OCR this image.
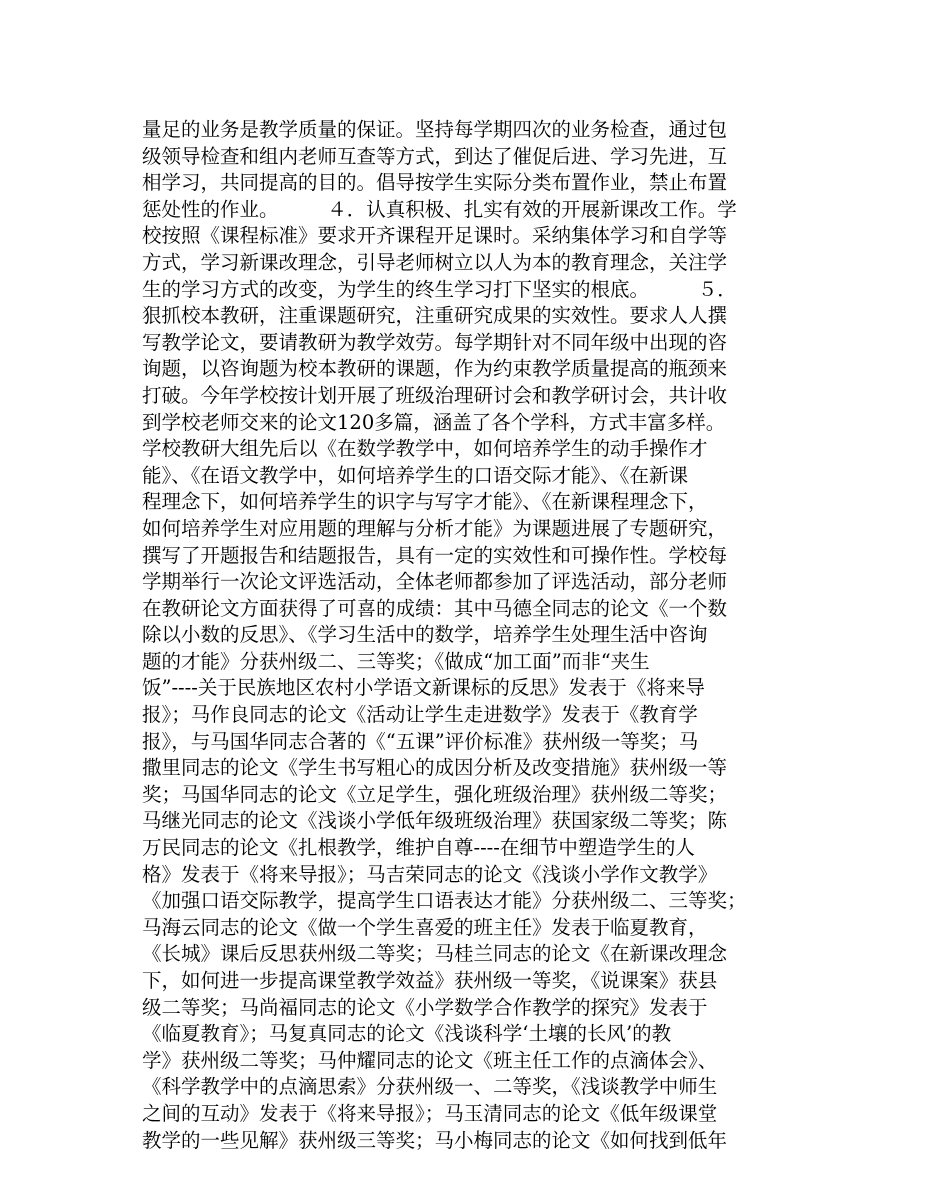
量足的业务是教学质量的保证。坚持每学期四次的业务检查，通过包
级领导检查和组内老师互查等方式，到达了催促后进、学习先进，互
相学习，共同提高的目的。倡导按学生实际分类布置作业，禁止布置
惩处性的作业。　　　４．认真积极、扎实有效的开展新课改工作。学
校按照《课程标准》要求开齐课程开足课时。采纳集体学习和自学等
方式，学习新课改理念，引导老师树立以人为本的教育理念，关注学
生的学习方式的改变，为学生的终生学习打下坚实的根底。　　　５．
狠抓校本教研，注重课题研究，注重研究成果的实效性。要求人人撰
写教学论文，要请教研为教学效劳。每学期针对不同年级中出现的咨
询题，以咨询题为校本教研的课题，作为约束教学质量提高的瓶颈来
打破。今年学校按计划开展了班级治理研讨会和教学研讨会，共计收
到学校老师交来的论文120多篇，涵盖了各个学科，方式丰富多样。
学校教研大组先后以《在数学教学中，如何培养学生的动手操作才
能》、《在语文教学中，如何培养学生的口语交际才能》、《在新课
程理念下，如何培养学生的识字与写字才能》、《在新课程理念下，
如何培养学生对应用题的理解与分析才能》为课题进展了专题研究，
撰写了开题报告和结题报告，具有一定的实效性和可操作性。学校每
学期举行一次论文评选活动，全体老师都参加了评选活动，部分老师
在教研论文方面获得了可喜的成绩：其中马德全同志的论文《一个数
除以小数的反思》、《学习生活中的数学，培养学生处理生活中咨询
题的才能》分获州级二、三等奖；《做成“加工面”而非“夹生
饭”----关于民族地区农村小学语文新课标的反思》发表于《将来导
报》；马作良同志的论文《活动让学生走进数学》发表于《教育学
报》，与马国华同志合著的《“五课”评价标准》获州级一等奖；马
撒里同志的论文《学生书写粗心的成因分析及改变措施》获州级一等
奖；马国华同志的论文《立足学生，强化班级治理》获州级二等奖；
马继光同志的论文《浅谈小学低年级班级治理》获国家级二等奖；陈
万民同志的论文《扎根教学，维护自尊----在细节中塑造学生的人
格》发表于《将来导报》；马吉荣同志的论文《浅谈小学作文教学》
《加强口语交际教学，提高学生口语表达才能》分获州级二、三等奖；
马海云同志的论文《做一个学生喜爱的班主任》发表于临夏教育，
《长城》课后反思获州级二等奖；马桂兰同志的论文《在新课改理念
下，如何进一步提高课堂教学效益》获州级一等奖，《说课案》获县
级二等奖；马尚福同志的论文《小学数学合作教学的探究》发表于
《临夏教育》；马复真同志的论文《浅谈科学‘土壤的长风’的教
学》获州级二等奖；马仲耀同志的论文《班主任工作的点滴体会》、
《科学教学中的点滴思索》分获州级一、二等奖，《浅谈教学中师生
之间的互动》发表于《将来导报》；马玉清同志的论文《低年级课堂
教学的一些见解》获州级三等奖；马小梅同志的论文《如何找到低年
